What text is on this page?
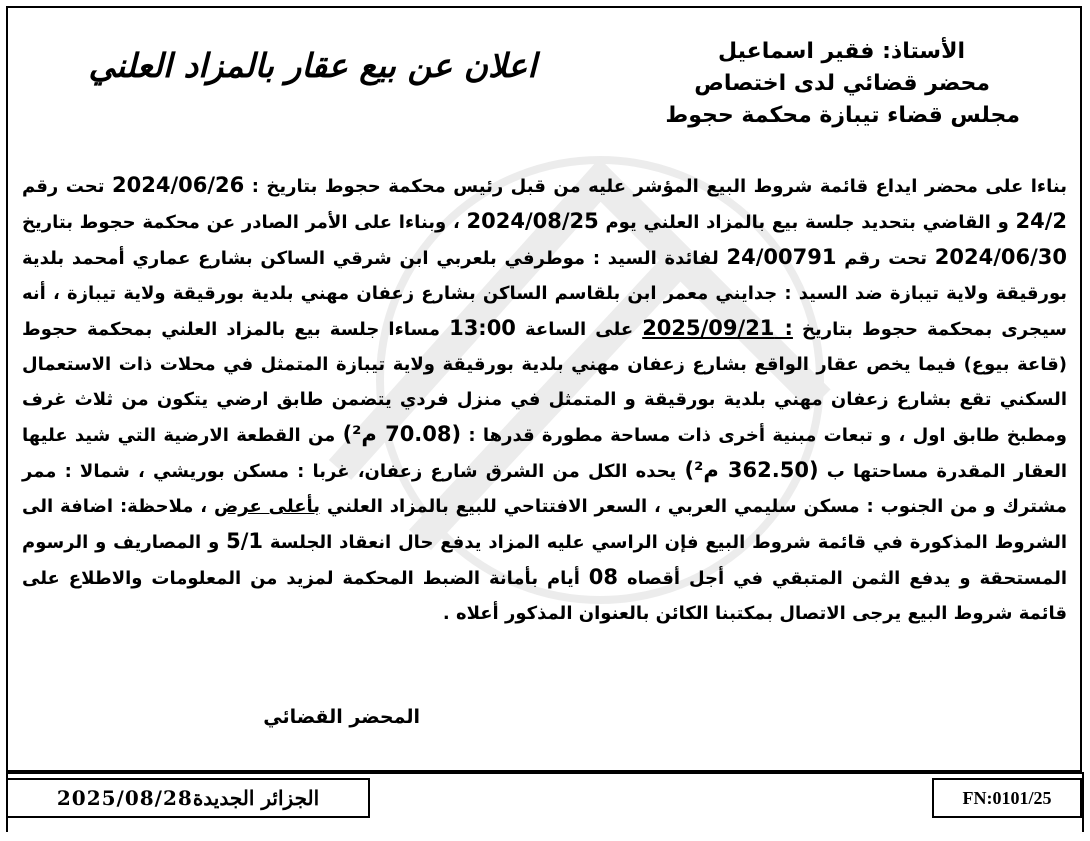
الأستاذ: فقير اسماعيل
محضر قضائي لدى اختصاص
مجلس قضاء تيبازة محكمة حجوط
اعلان عن بيع عقار بالمزاد العلني
بناءا على محضر ايداع قائمة شروط البيع المؤشر عليه من قبل رئيس محكمة حجوط بتاريخ : 2024/06/26 تحت رقم 24/2 و القاضي بتحديد جلسة بيع بالمزاد العلني يوم 2024/08/25 ، وبناءا على الأمر الصادر عن محكمة حجوط بتاريخ 2024/06/30 تحت رقم 24/00791 لفائدة السيد : موطرفي بلعربي ابن شرقي الساكن بشارع عماري أمحمد بلدية بورقيقة ولاية تيبازة ضد السيد : جدايني معمر ابن بلقاسم الساكن بشارع زعفان مهني بلدية بورقيقة ولاية تيبازة ، أنه سيجرى بمحكمة حجوط بتاريخ : 2025/09/21 على الساعة 13:00 مساءا جلسة بيع بالمزاد العلني بمحكمة حجوط (قاعة بيوع) فيما يخص عقار الواقع بشارع زعفان مهني بلدية بورقيقة ولاية تيبازة المتمثل في محلات ذات الاستعمال السكني تقع بشارع زعفان مهني بلدية بورقيقة و المتمثل في منزل فردي يتضمن طابق ارضي يتكون من ثلاث غرف ومطبخ طابق اول ، و تبعات مبنية أخرى ذات مساحة مطورة قدرها : (70.08 م²) من القطعة الارضية التي شيد عليها العقار المقدرة مساحتها ب (362.50 م²) يحده الكل من الشرق شارع زعفان، غربا : مسكن بوريشي ، شمالا : ممر مشترك و من الجنوب : مسكن سليمي العربي ، السعر الافتتاحي للبيع بالمزاد العلني بأعلى عرض ، ملاحظة: اضافة الى الشروط المذكورة في قائمة شروط البيع فإن الراسي عليه المزاد يدفع حال انعقاد الجلسة 5/1 و المصاريف و الرسوم المستحقة و يدفع الثمن المتبقي في أجل أقصاه 08 أيام بأمانة الضبط المحكمة لمزيد من المعلومات والاطلاع على قائمة شروط البيع يرجى الاتصال بمكتبنا الكائن بالعنوان المذكور أعلاه .
المحضر القضائي
الجزائر الجديدة
2025/08/28	FN:0101/25
